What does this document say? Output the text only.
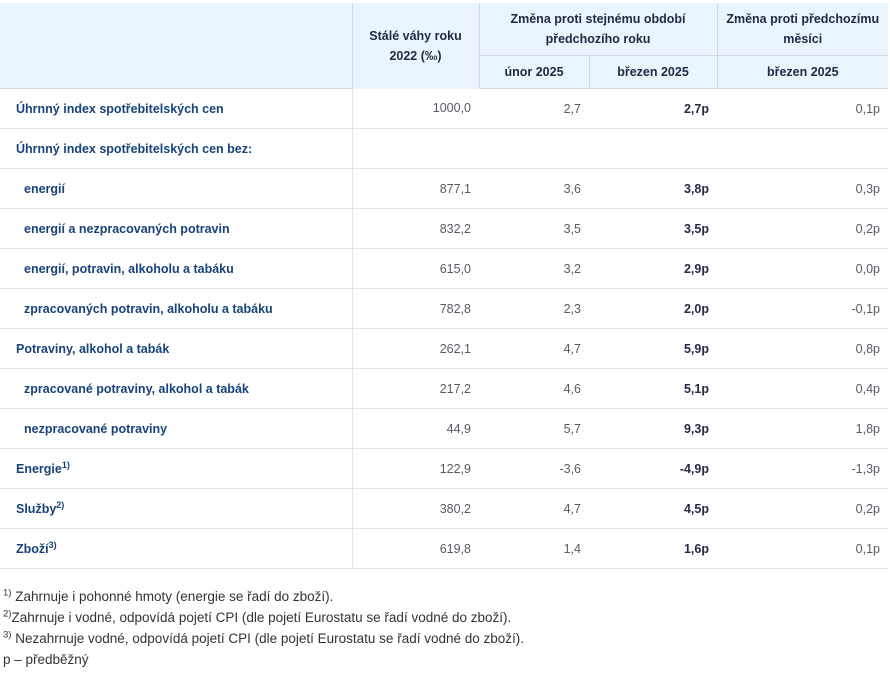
	Stálé váhy roku 2022 (‰)	Změna proti stejnému období předchozího roku		Změna proti předchozímu měsíci
		únor 2025	březen 2025	březen 2025
Úhrnný index spotřebitelských cen	1000,0	2,7	2,7p	0,1p
Úhrnný index spotřebitelských cen bez:				
energií	877,1	3,6	3,8p	0,3p
energií a nezpracovaných potravin	832,2	3,5	3,5p	0,2p
energií, potravin, alkoholu a tabáku	615,0	3,2	2,9p	0,0p
zpracovaných potravin, alkoholu a tabáku	782,8	2,3	2,0p	-0,1p
Potraviny, alkohol a tabák	262,1	4,7	5,9p	0,8p
zpracované potraviny, alkohol a tabák	217,2	4,6	5,1p	0,4p
nezpracované potraviny	44,9	5,7	9,3p	1,8p
Energie$^{1)}$	122,9	-3,6	-4,9p	-1,3p
Služby$^{2)}$	380,2	4,7	4,5p	0,2p
Zboží$^{3)}$	619,8	1,4	1,6p	0,1p
$^{1)}$ Zahrnuje i pohonné hmoty (energie se řadí do zboží).
$^{2)}$Zahrnuje i vodné, odpovídá pojetí CPI (dle pojetí Eurostatu se řadí vodné do zboží).
$^{3)}$ Nezahrnuje vodné, odpovídá pojetí CPI (dle pojetí Eurostatu se řadí vodné do zboží).
p – předběžný
